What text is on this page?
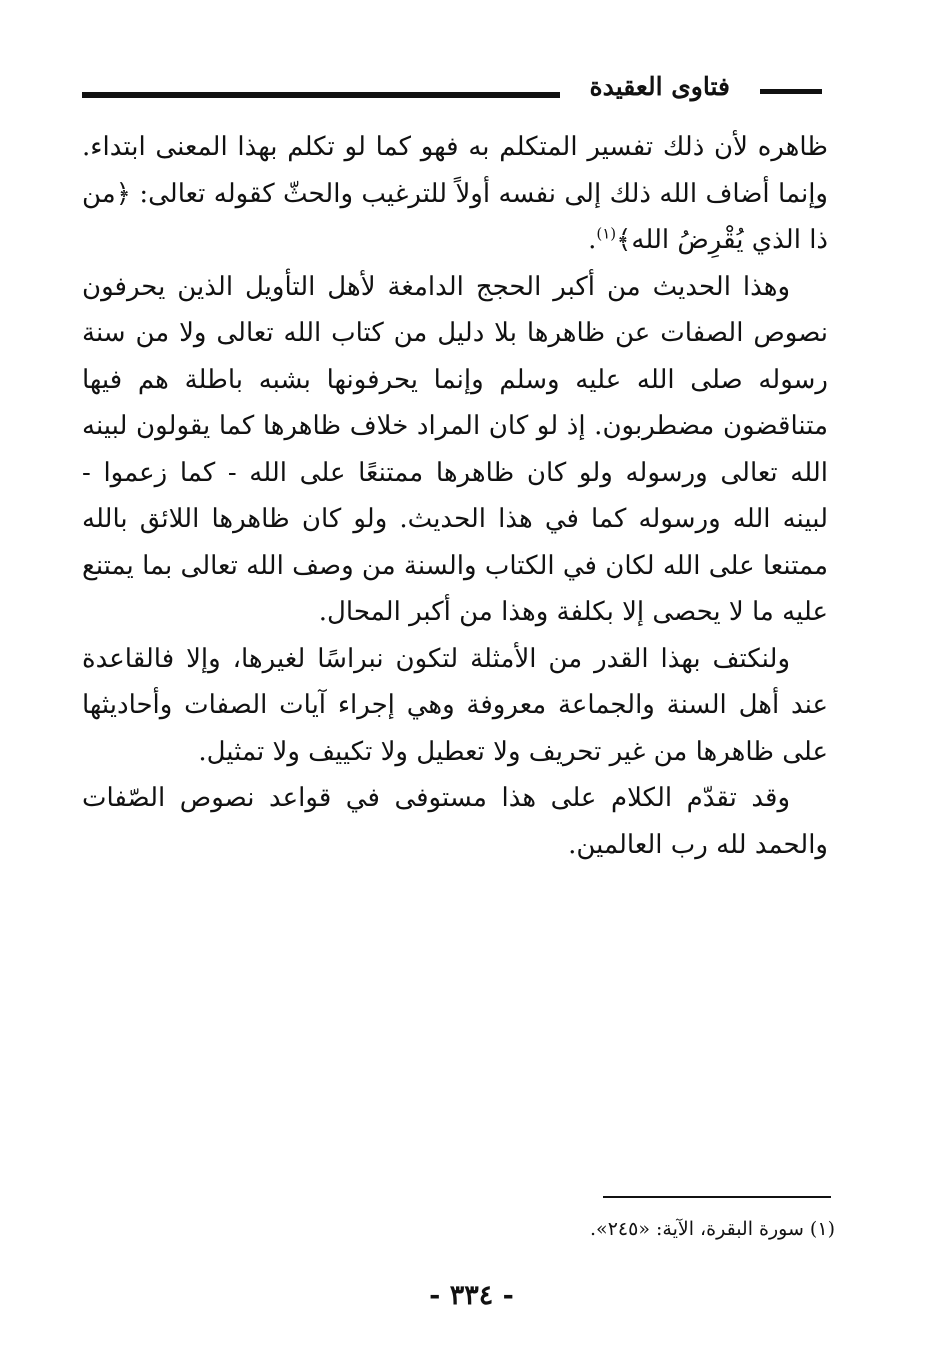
فتاوى العقيدة

ظاهره لأن ذلك تفسير المتكلم به فهو كما لو تكلم بهذا المعنى ابتداء. وإنما أضاف الله ذلك إلى نفسه أولاً للترغيب والحثّ كقوله تعالى: ﴿من ذا الذي يُقْرِضُ الله﴾$^{(١)}$.

وهذا الحديث من أكبر الحجج الدامغة لأهل التأويل الذين يحرفون نصوص الصفات عن ظاهرها بلا دليل من كتاب الله تعالى ولا من سنة رسوله صلى الله عليه وسلم وإنما يحرفونها بشبه باطلة هم فيها متناقضون مضطربون. إذ لو كان المراد خلاف ظاهرها كما يقولون لبينه الله تعالى ورسوله ولو كان ظاهرها ممتنعًا على الله - كما زعموا - لبينه الله ورسوله كما في هذا الحديث. ولو كان ظاهرها اللائق بالله ممتنعا على الله لكان في الكتاب والسنة من وصف الله تعالى بما يمتنع عليه ما لا يحصى إلا بكلفة وهذا من أكبر المحال.

ولنكتف بهذا القدر من الأمثلة لتكون نبراسًا لغيرها، وإلا فالقاعدة عند أهل السنة والجماعة معروفة وهي إجراء آيات الصفات وأحاديثها على ظاهرها من غير تحريف ولا تعطيل ولا تكييف ولا تمثيل.

وقد تقدّم الكلام على هذا مستوفى في قواعد نصوص الصّفات والحمد لله رب العالمين.

(١) سورة البقرة، الآية: «٢٤٥».
- ٣٣٤ -
